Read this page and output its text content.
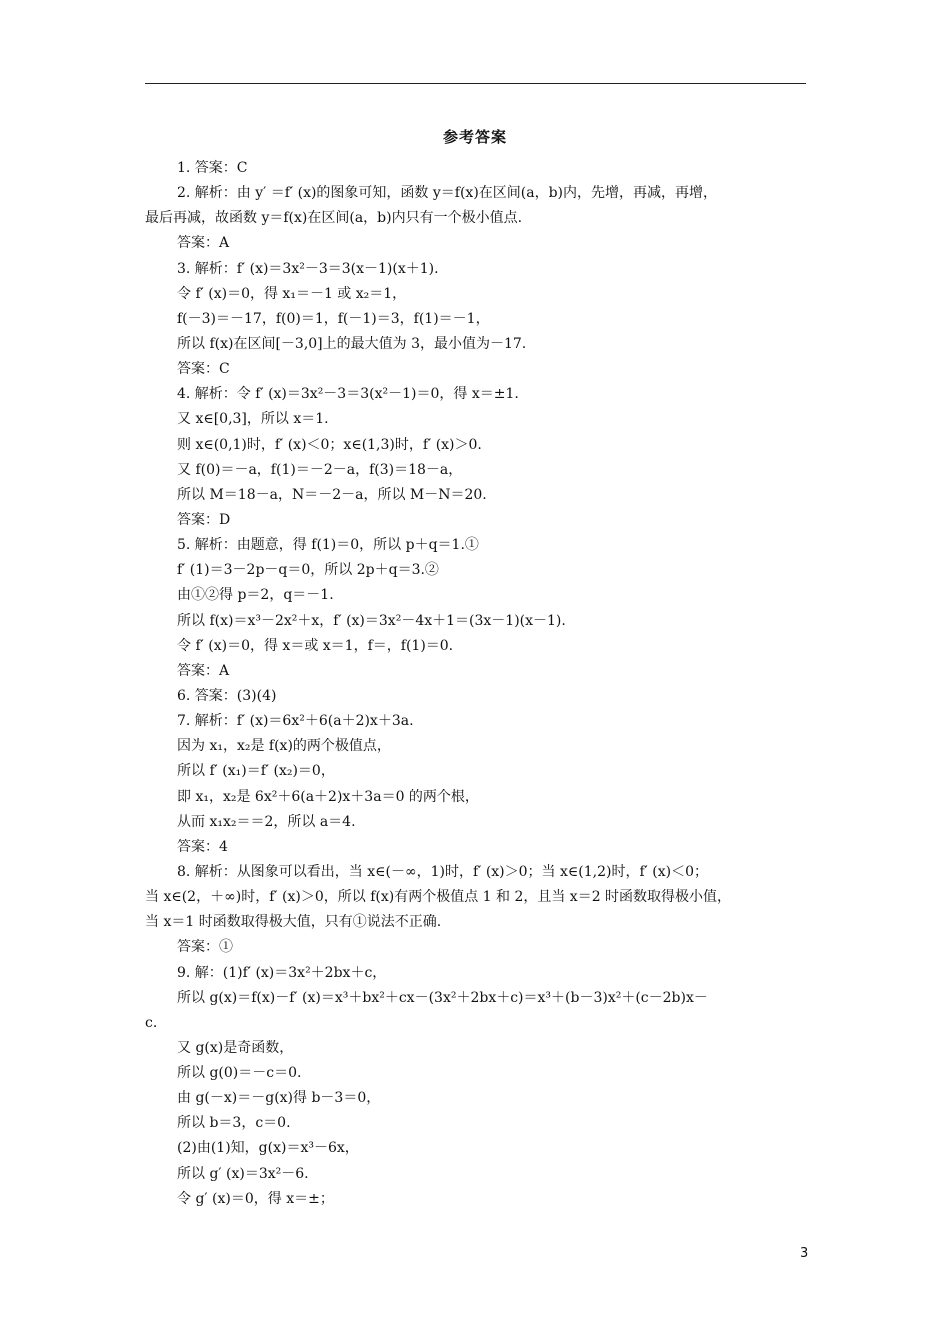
参考答案
1. 答案：C
2. 解析：由 y′ ＝f′ (x)的图象可知，函数 y＝f(x)在区间(a，b)内，先增，再减，再增，
最后再减，故函数 y＝f(x)在区间(a，b)内只有一个极小值点.
答案：A
3. 解析：f′ (x)＝3x²－3＝3(x－1)(x＋1).
令 f′ (x)＝0，得 x₁＝－1 或 x₂＝1，
f(－3)＝－17，f(0)＝1，f(－1)＝3，f(1)＝－1，
所以 f(x)在区间[－3,0]上的最大值为 3，最小值为－17.
答案：C
4. 解析：令 f′ (x)＝3x²－3＝3(x²－1)＝0，得 x＝±1.
又 x∈[0,3]，所以 x＝1.
则 x∈(0,1)时，f′ (x)＜0；x∈(1,3)时，f′ (x)＞0.
又 f(0)＝－a，f(1)＝－2－a，f(3)＝18－a，
所以 M＝18－a，N＝－2－a，所以 M－N＝20.
答案：D
5. 解析：由题意，得 f(1)＝0，所以 p＋q＝1.①
f′ (1)＝3－2p－q＝0，所以 2p＋q＝3.②
由①②得 p＝2，q＝－1.
所以 f(x)＝x³－2x²＋x，f′ (x)＝3x²－4x＋1＝(3x－1)(x－1).
令 f′ (x)＝0，得 x＝或 x＝1，f＝，f(1)＝0.
答案：A
6. 答案：(3)(4)
7. 解析：f′ (x)＝6x²＋6(a＋2)x＋3a.
因为 x₁，x₂是 f(x)的两个极值点，
所以 f′ (x₁)＝f′ (x₂)＝0，
即 x₁，x₂是 6x²＋6(a＋2)x＋3a＝0 的两个根，
从而 x₁x₂＝＝2，所以 a＝4.
答案：4
8. 解析：从图象可以看出，当 x∈(－∞，1)时，f′ (x)＞0；当 x∈(1,2)时，f′ (x)＜0；
当 x∈(2，＋∞)时，f′ (x)＞0，所以 f(x)有两个极值点 1 和 2，且当 x＝2 时函数取得极小值，
当 x＝1 时函数取得极大值，只有①说法不正确.
答案：①
9. 解：(1)f′ (x)＝3x²＋2bx＋c，
所以 g(x)＝f(x)－f′ (x)＝x³＋bx²＋cx－(3x²＋2bx＋c)＝x³＋(b－3)x²＋(c－2b)x－
c.
又 g(x)是奇函数，
所以 g(0)＝－c＝0.
由 g(－x)＝－g(x)得 b－3＝0，
所以 b＝3，c＝0.
(2)由(1)知，g(x)＝x³－6x，
所以 g′ (x)＝3x²－6.
令 g′ (x)＝0，得 x＝±；
3
